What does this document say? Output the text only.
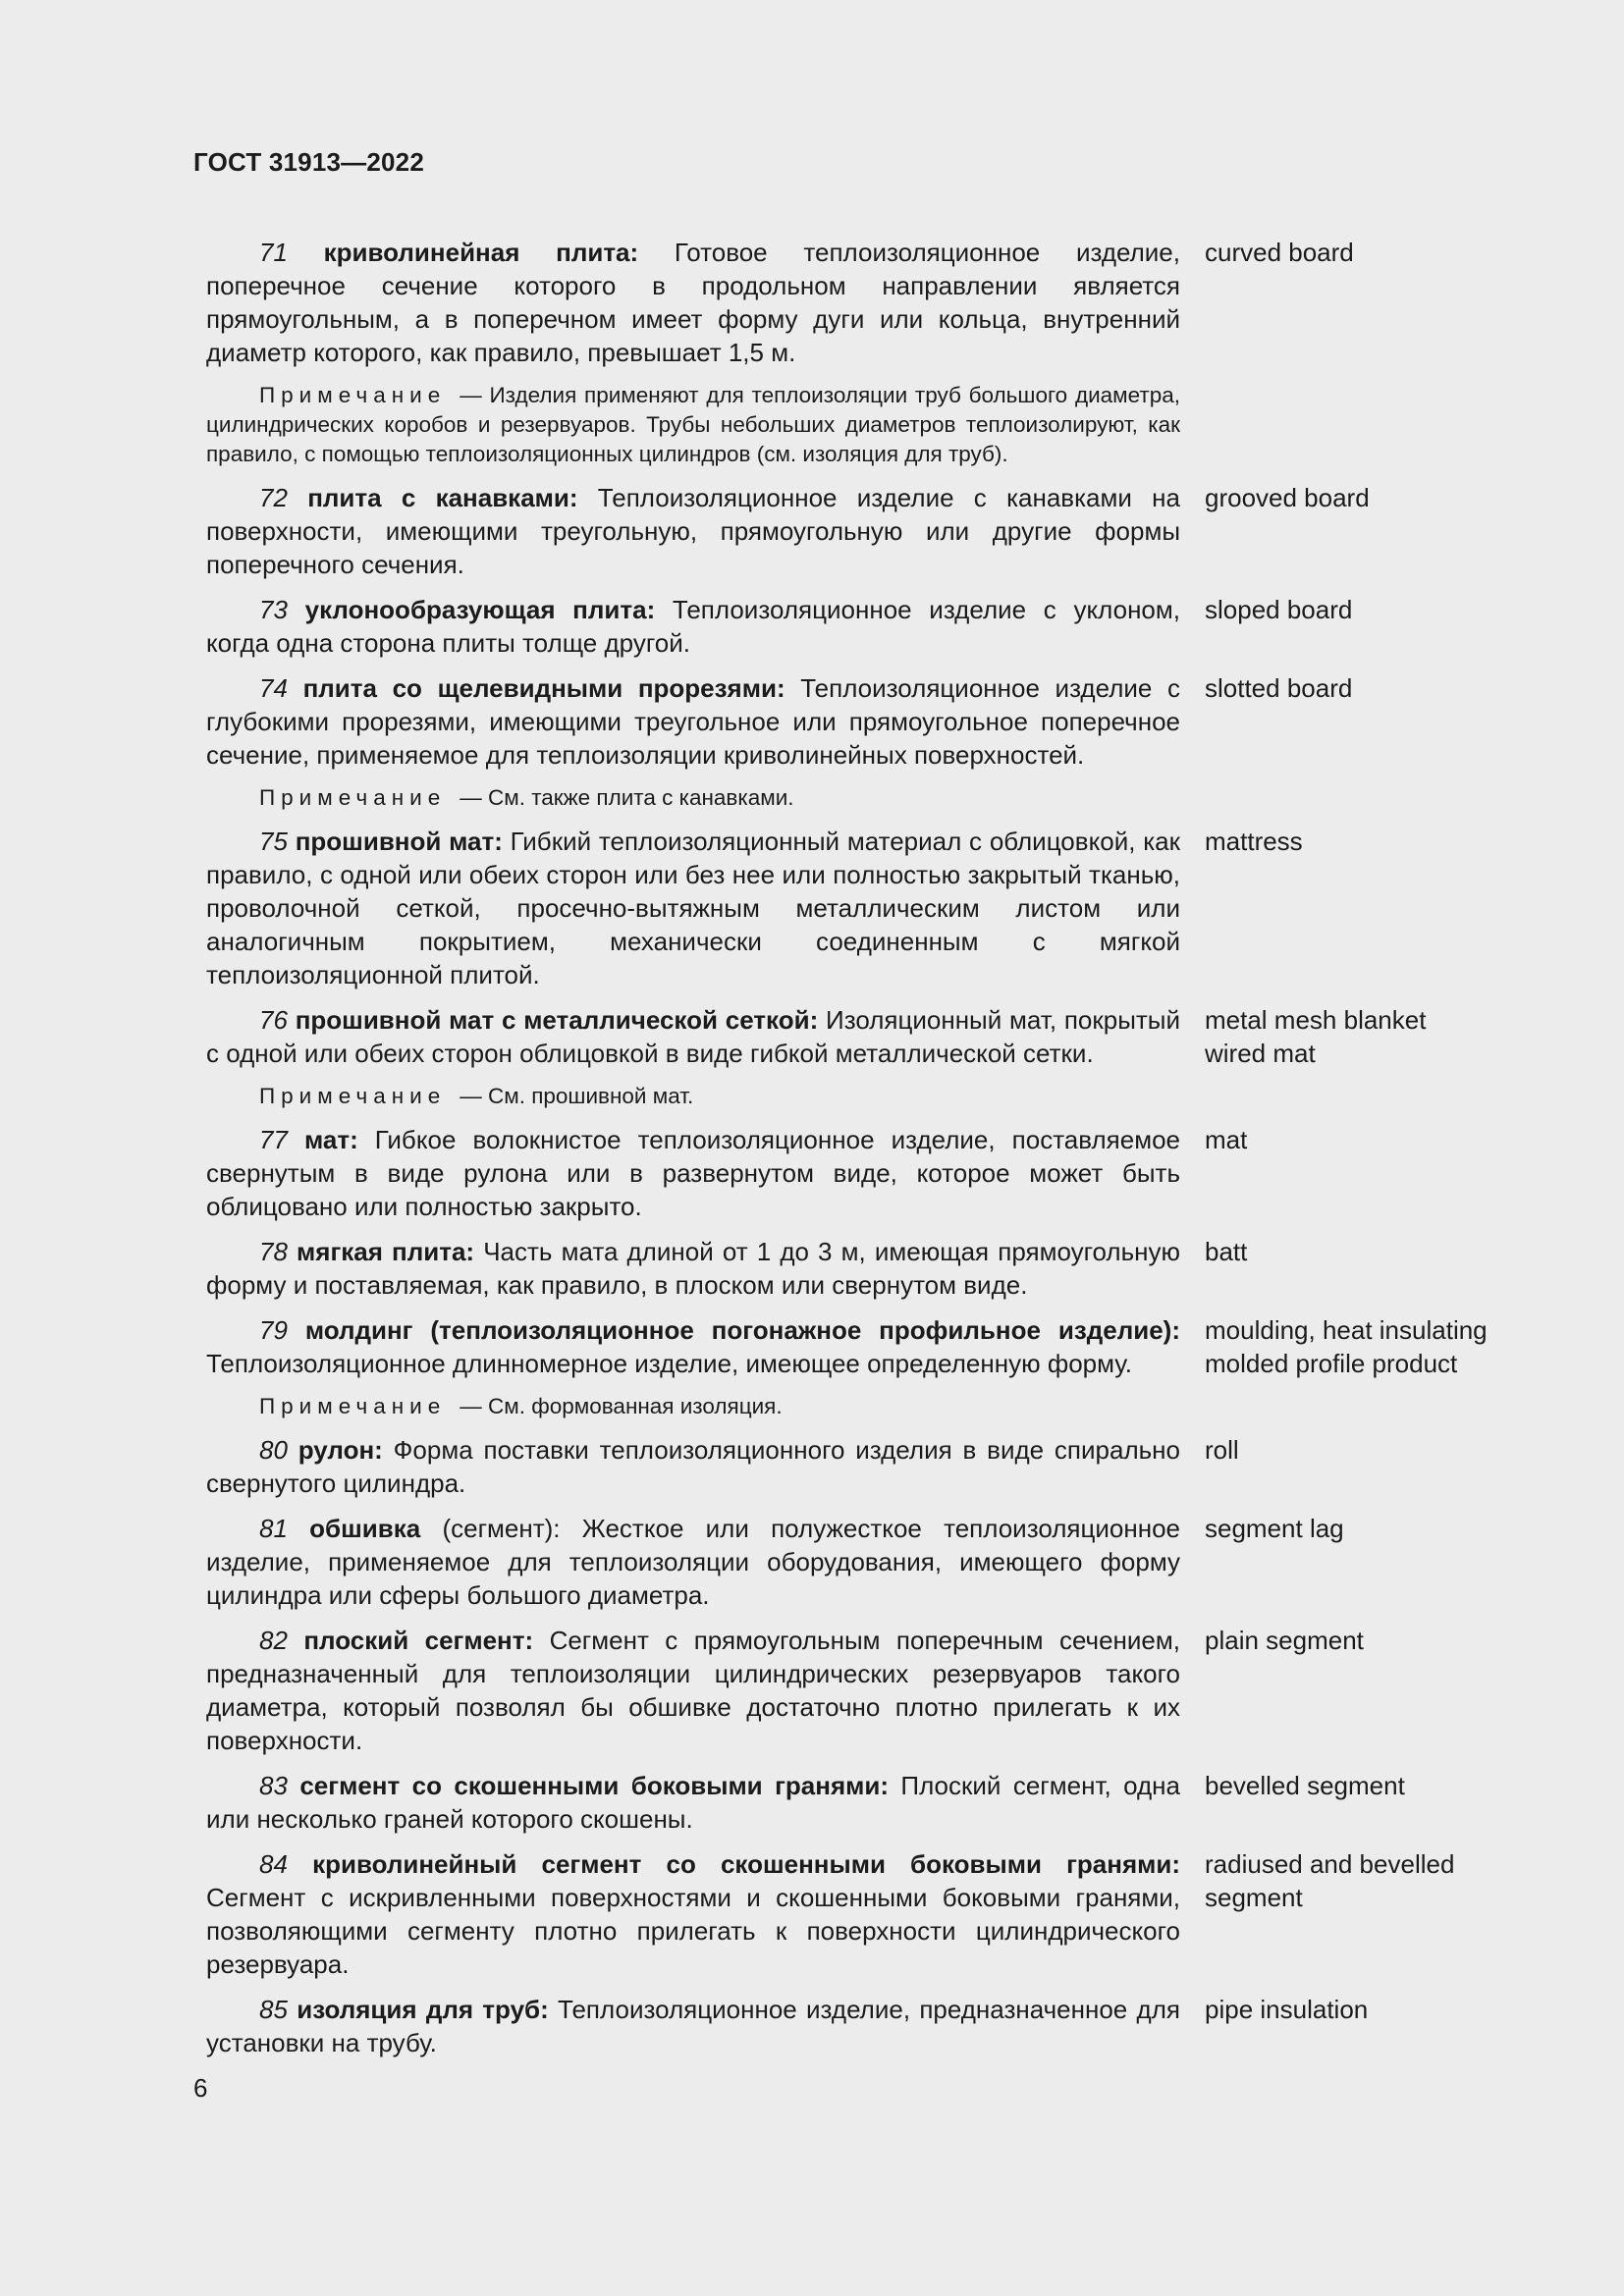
ГОСТ 31913—2022
71 криволинейная плита: Готовое теплоизоляционное изделие, поперечное сечение которого в продольном направлении является прямоугольным, а в поперечном имеет форму дуги или кольца, внутренний диаметр которого, как правило, превышает 1,5 м.
curved board
Примечание — Изделия применяют для теплоизоляции труб большого диаметра, цилиндрических коробов и резервуаров. Трубы небольших диаметров теплоизолируют, как правило, с помощью теплоизоляционных цилиндров (см. изоляция для труб).
72 плита с канавками: Теплоизоляционное изделие с канавками на поверхности, имеющими треугольную, прямоугольную или другие формы поперечного сечения.
grooved board
73 уклонообразующая плита: Теплоизоляционное изделие с уклоном, когда одна сторона плиты толще другой.
sloped board
74 плита со щелевидными прорезями: Теплоизоляционное изделие с глубокими прорезями, имеющими треугольное или прямоугольное поперечное сечение, применяемое для теплоизоляции криволинейных поверхностей.
slotted board
Примечание — См. также плита с канавками.
75 прошивной мат: Гибкий теплоизоляционный материал с облицовкой, как правило, с одной или обеих сторон или без нее или полностью закрытый тканью, проволочной сеткой, просечно-вытяжным металлическим листом или аналогичным покрытием, механически соединенным с мягкой теплоизоляционной плитой.
mattress
76 прошивной мат с металлической сеткой: Изоляционный мат, покрытый с одной или обеих сторон облицовкой в виде гибкой металлической сетки.
metal mesh blanket
wired mat
Примечание — См. прошивной мат.
77 мат: Гибкое волокнистое теплоизоляционное изделие, поставляемое свернутым в виде рулона или в развернутом виде, которое может быть облицовано или полностью закрыто.
mat
78 мягкая плита: Часть мата длиной от 1 до 3 м, имеющая прямоугольную форму и поставляемая, как правило, в плоском или свернутом виде.
batt
79 молдинг (теплоизоляционное погонажное профильное изделие): Теплоизоляционное длинномерное изделие, имеющее определенную форму.
moulding, heat insulating
molded profile product
Примечание — См. формованная изоляция.
80 рулон: Форма поставки теплоизоляционного изделия в виде спирально свернутого цилиндра.
roll
81 обшивка (сегмент): Жесткое или полужесткое теплоизоляционное изделие, применяемое для теплоизоляции оборудования, имеющего форму цилиндра или сферы большого диаметра.
segment lag
82 плоский сегмент: Сегмент с прямоугольным поперечным сечением, предназначенный для теплоизоляции цилиндрических резервуаров такого диаметра, который позволял бы обшивке достаточно плотно прилегать к их поверхности.
plain segment
83 сегмент со скошенными боковыми гранями: Плоский сегмент, одна или несколько граней которого скошены.
bevelled segment
84 криволинейный сегмент со скошенными боковыми гранями: Сегмент с искривленными поверхностями и скошенными боковыми гранями, позволяющими сегменту плотно прилегать к поверхности цилиндрического резервуара.
radiused and bevelled segment
85 изоляция для труб: Теплоизоляционное изделие, предназначенное для установки на трубу.
pipe insulation
6
